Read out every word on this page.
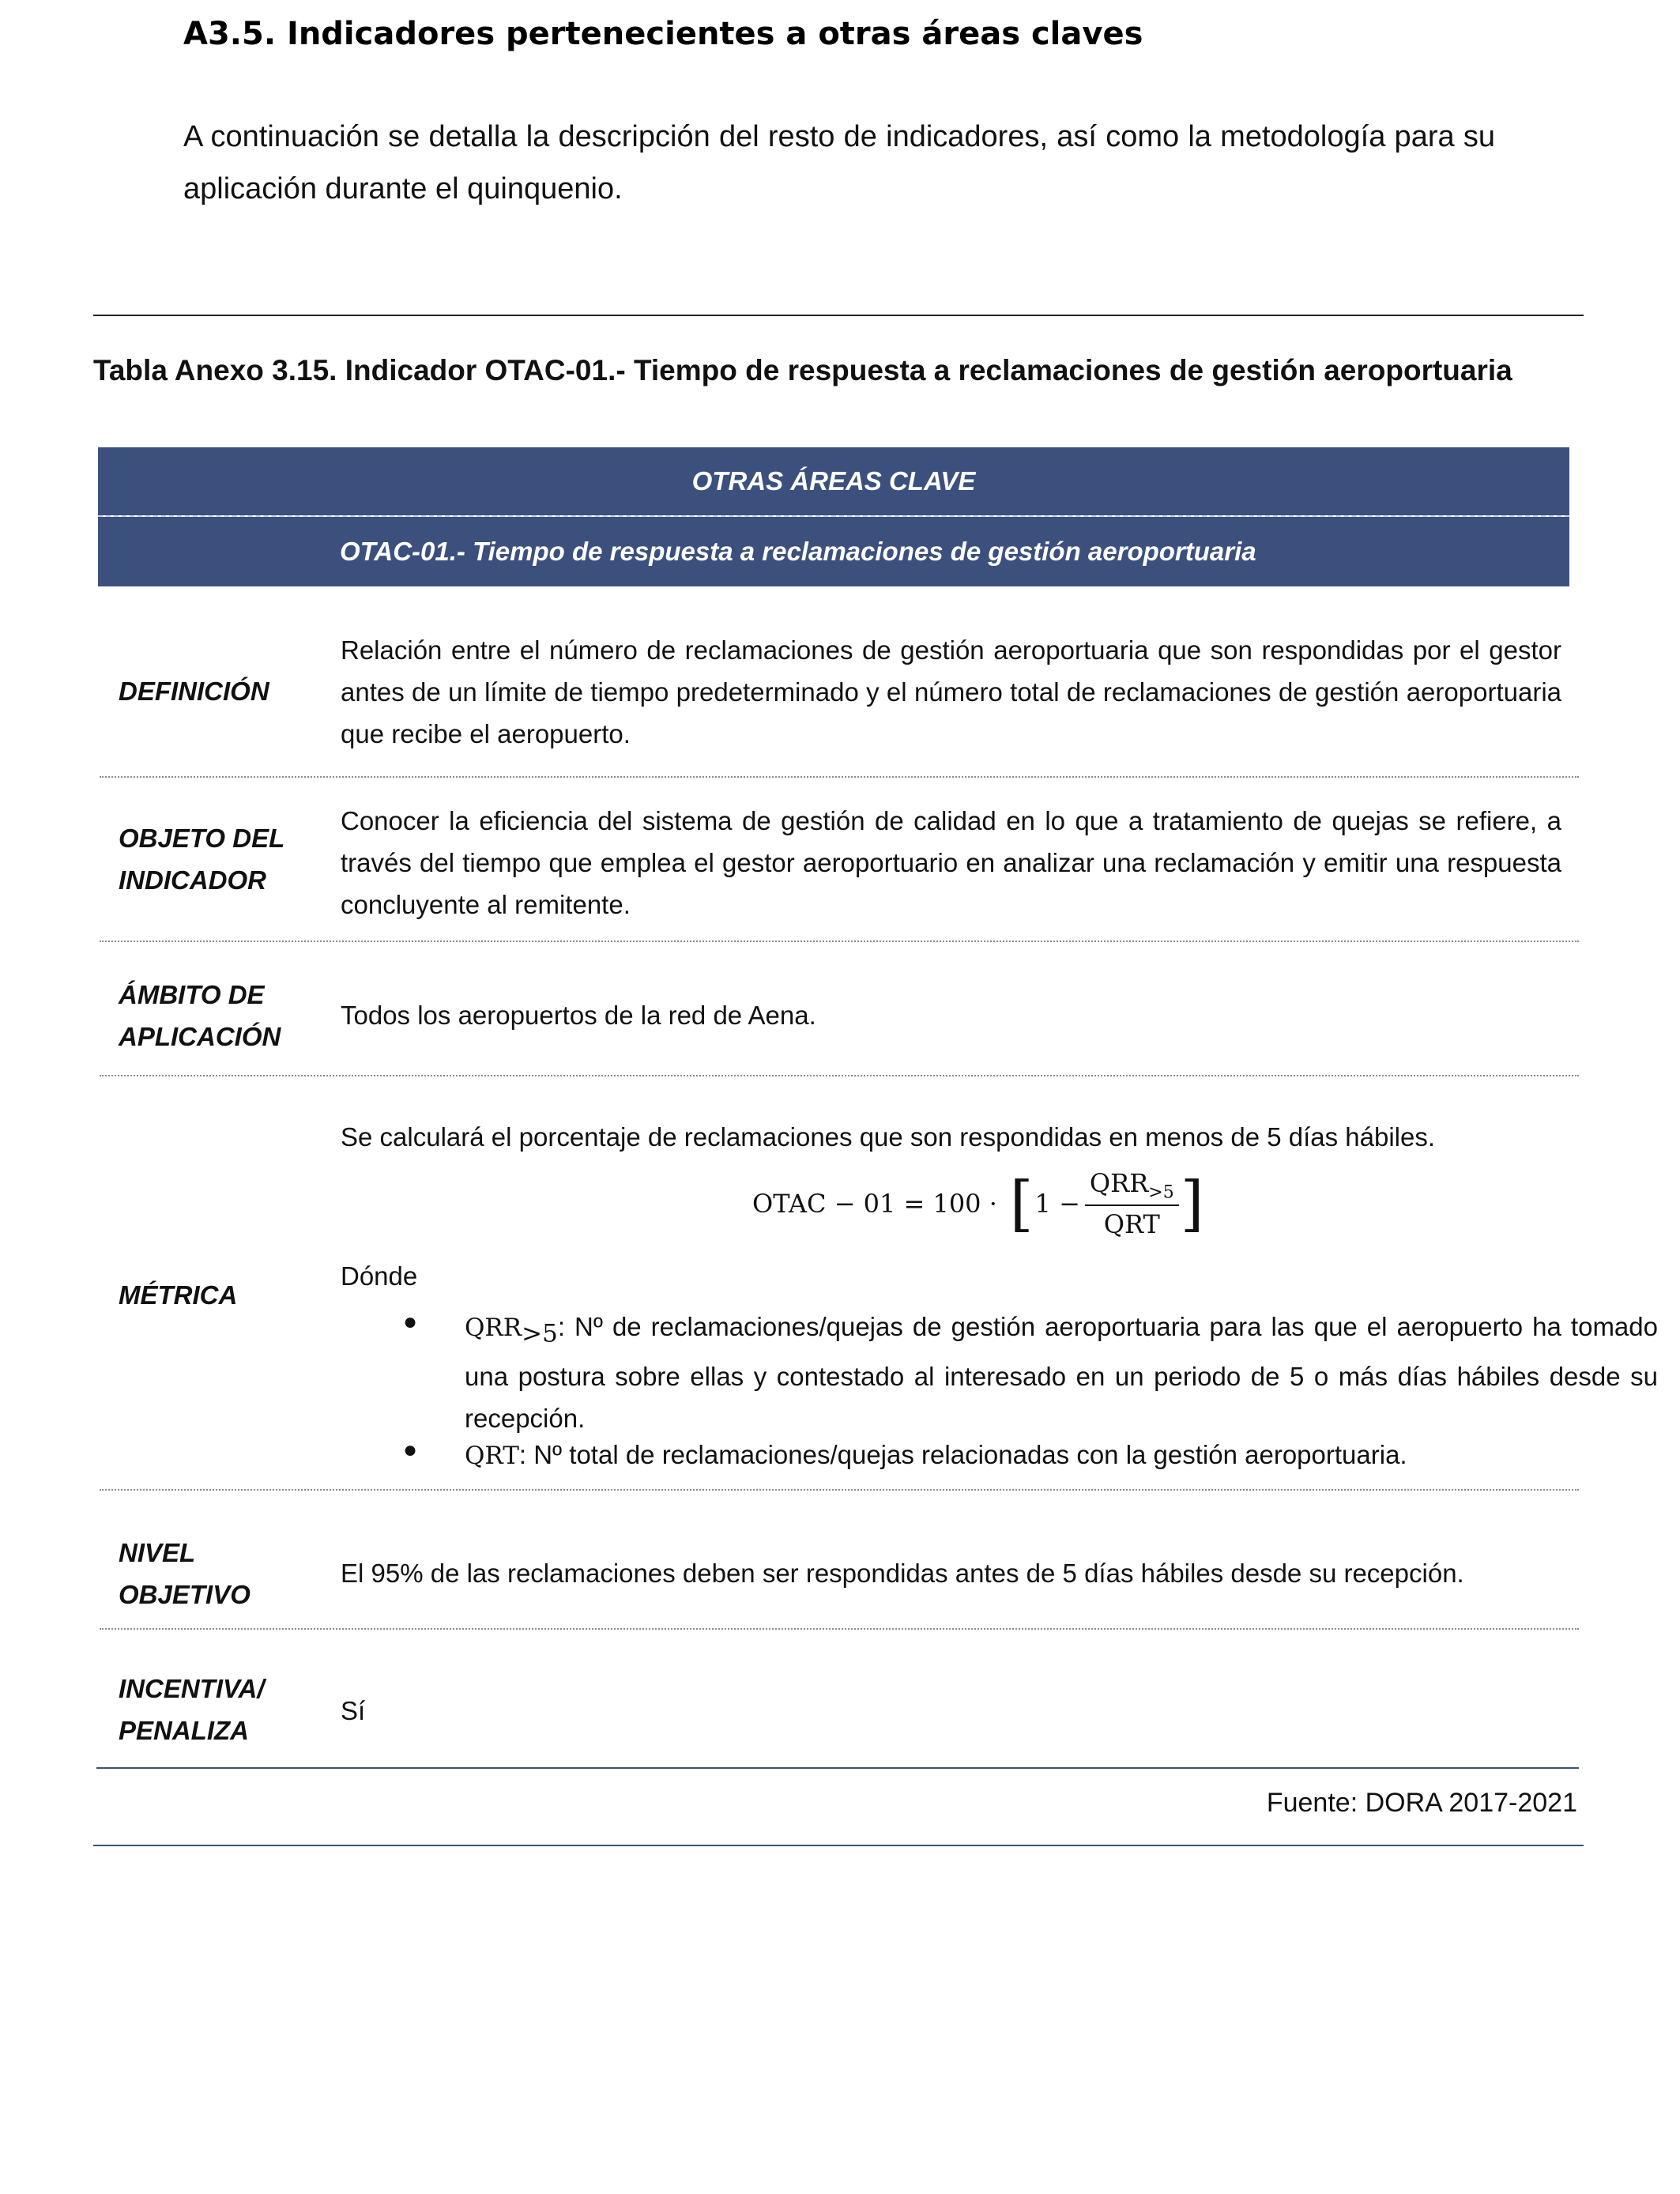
A3.5. Indicadores pertenecientes a otras áreas claves

A continuación se detalla la descripción del resto de indicadores, así como la metodología para su aplicación durante el quinquenio.

Tabla Anexo 3.15. Indicador OTAC-01.- Tiempo de respuesta a reclamaciones de gestión aeroportuaria
OTRAS ÁREAS CLAVE
OTAC-01.- Tiempo de respuesta a reclamaciones de gestión aeroportuaria
DEFINICIÓN

Relación entre el número de reclamaciones de gestión aeroportuaria que son respondidas por el gestor antes de un límite de tiempo predeterminado y el número total de reclamaciones de gestión aeroportuaria que recibe el aeropuerto.

OBJETO DEL
INDICADOR

Conocer la eficiencia del sistema de gestión de calidad en lo que a tratamiento de quejas se refiere, a través del tiempo que emplea el gestor aeroportuario en analizar una reclamación y emitir una respuesta concluyente al remitente.

ÁMBITO DE
APLICACIÓN

Todos los aeropuertos de la red de Aena.

MÉTRICA

Se calculará el porcentaje de reclamaciones que son respondidas en menos de 5 días hábiles.

Dónde
● $QRR_{>5}$: Nº de reclamaciones/quejas de gestión aeroportuaria para las que el aeropuerto ha tomado una postura sobre ellas y contestado al interesado en un periodo de 5 o más días hábiles desde su recepción.

● QRT: Nº total de reclamaciones/quejas relacionadas con la gestión aeroportuaria.

OTAC − 01 = 100 · [ $1 - \frac{QRR_{>5}}{\text{QRT}}$ ]
NIVEL
OBJETIVO

El 95% de las reclamaciones deben ser respondidas antes de 5 días hábiles desde su recepción.

INCENTIVA/
PENALIZA

Sí

Fuente: DORA 2017-2021
